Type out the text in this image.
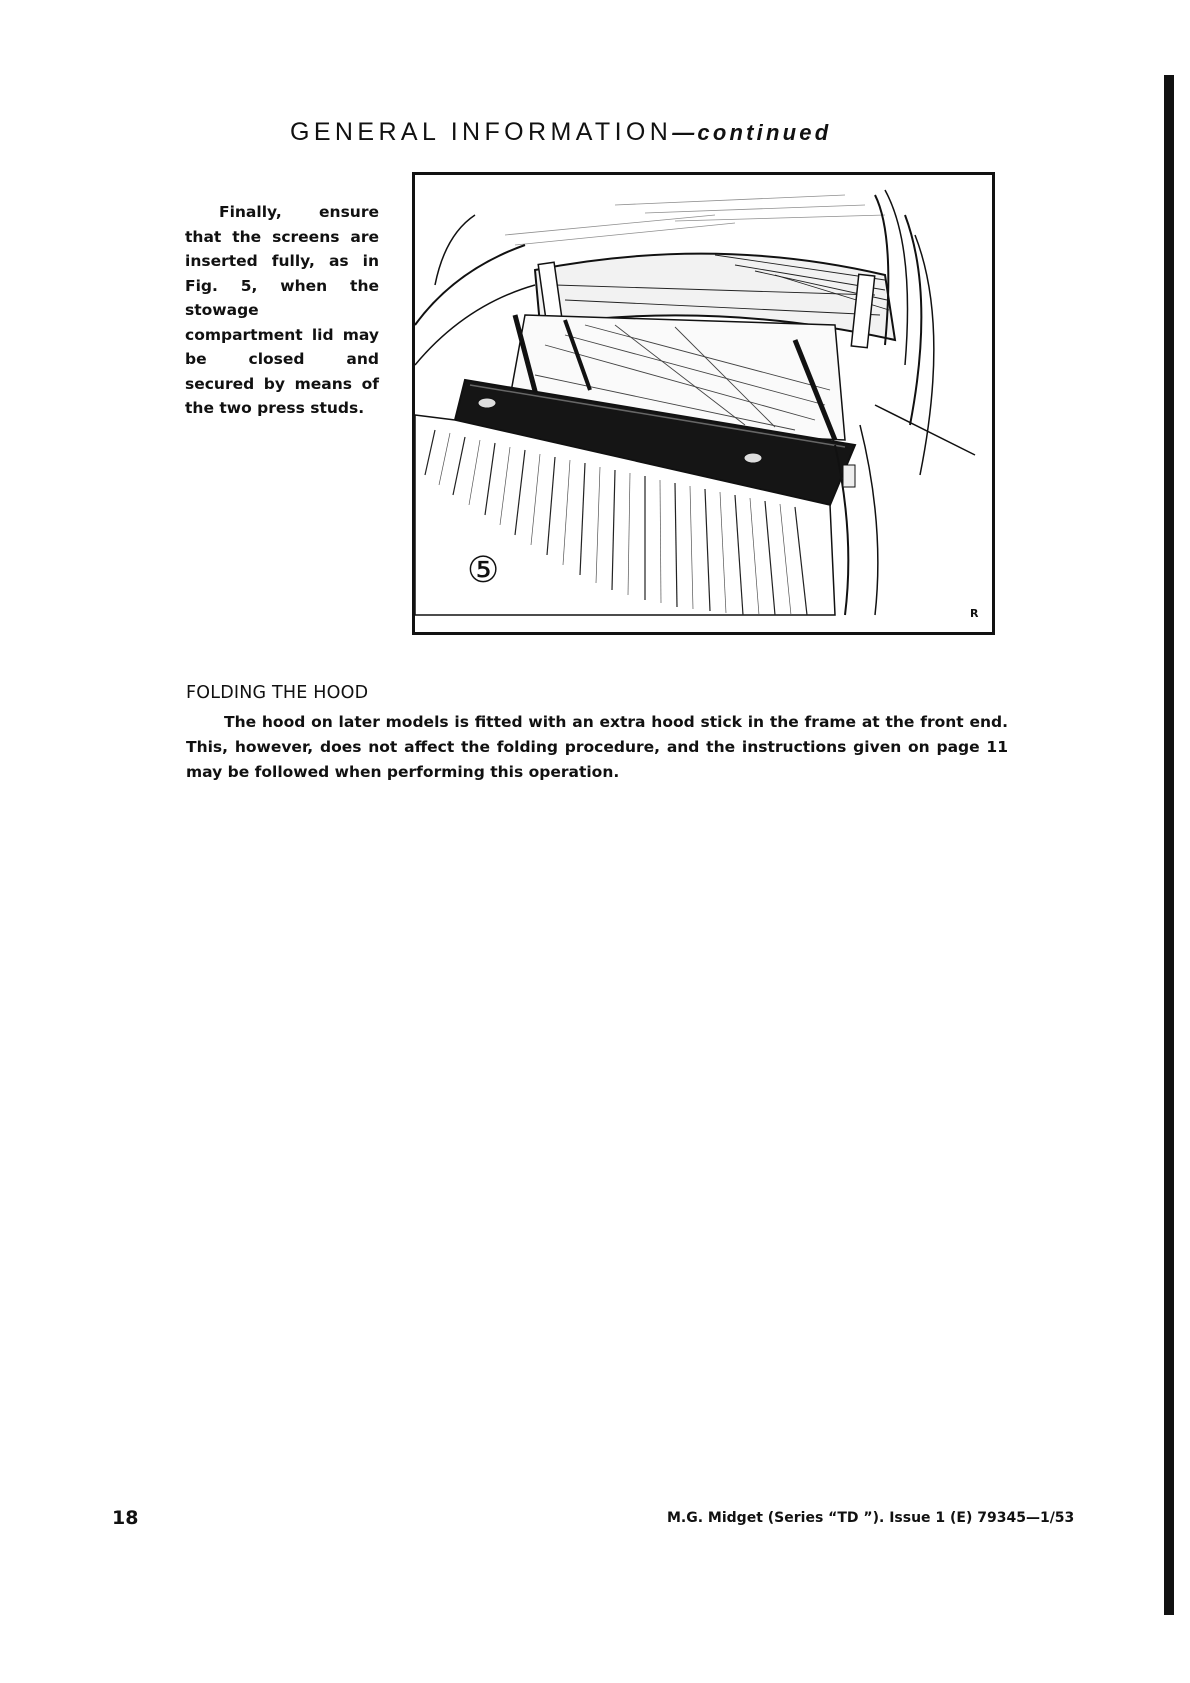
GENERAL INFORMATION—continued

Finally, ensure that the screens are inserted fully, as in Fig. 5, when the stowage compartment lid may be closed and secured by means of the two press studs.

⑤
R
FOLDING THE HOOD

The hood on later models is fitted with an extra hood stick in the frame at the front end. This, however, does not affect the folding procedure, and the instructions given on page 11 may be followed when performing this operation.

18	M.G. Midget (Series “TD ”). Issue 1 (E) 79345—1/53
